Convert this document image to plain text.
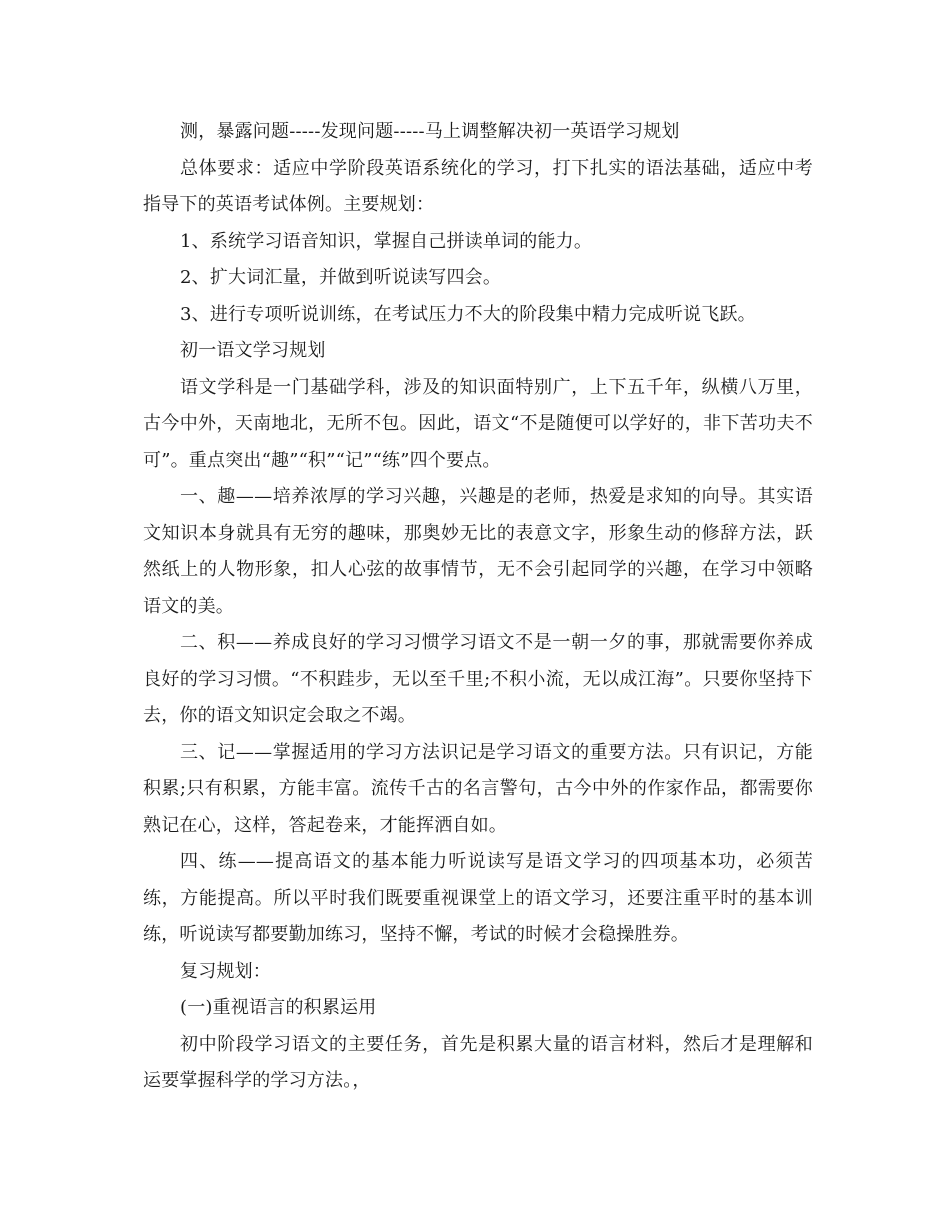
测，暴露问题-----发现问题-----马上调整解决初一英语学习规划

总体要求：适应中学阶段英语系统化的学习，打下扎实的语法基础，适应中考指导下的英语考试体例。主要规划：

1、系统学习语音知识，掌握自己拼读单词的能力。

2、扩大词汇量，并做到听说读写四会。

3、进行专项听说训练，在考试压力不大的阶段集中精力完成听说飞跃。

初一语文学习规划

语文学科是一门基础学科，涉及的知识面特别广，上下五千年，纵横八万里，古今中外，天南地北，无所不包。因此，语文“不是随便可以学好的，非下苦功夫不可”。重点突出“趣”“积”“记”“练”四个要点。

一、趣——培养浓厚的学习兴趣，兴趣是的老师，热爱是求知的向导。其实语文知识本身就具有无穷的趣味，那奥妙无比的表意文字，形象生动的修辞方法，跃然纸上的人物形象，扣人心弦的故事情节，无不会引起同学的兴趣，在学习中领略语文的美。

二、积——养成良好的学习习惯学习语文不是一朝一夕的事，那就需要你养成良好的学习习惯。“不积跬步，无以至千里;不积小流，无以成江海”。只要你坚持下去，你的语文知识定会取之不竭。

三、记——掌握适用的学习方法识记是学习语文的重要方法。只有识记，方能积累;只有积累，方能丰富。流传千古的名言警句，古今中外的作家作品，都需要你熟记在心，这样，答起卷来，才能挥洒自如。

四、练——提高语文的基本能力听说读写是语文学习的四项基本功，必须苦练，方能提高。所以平时我们既要重视课堂上的语文学习，还要注重平时的基本训练，听说读写都要勤加练习，坚持不懈，考试的时候才会稳操胜券。

复习规划：

(一)重视语言的积累运用

初中阶段学习语文的主要任务，首先是积累大量的语言材料，然后才是理解和运要掌握科学的学习方法。，
